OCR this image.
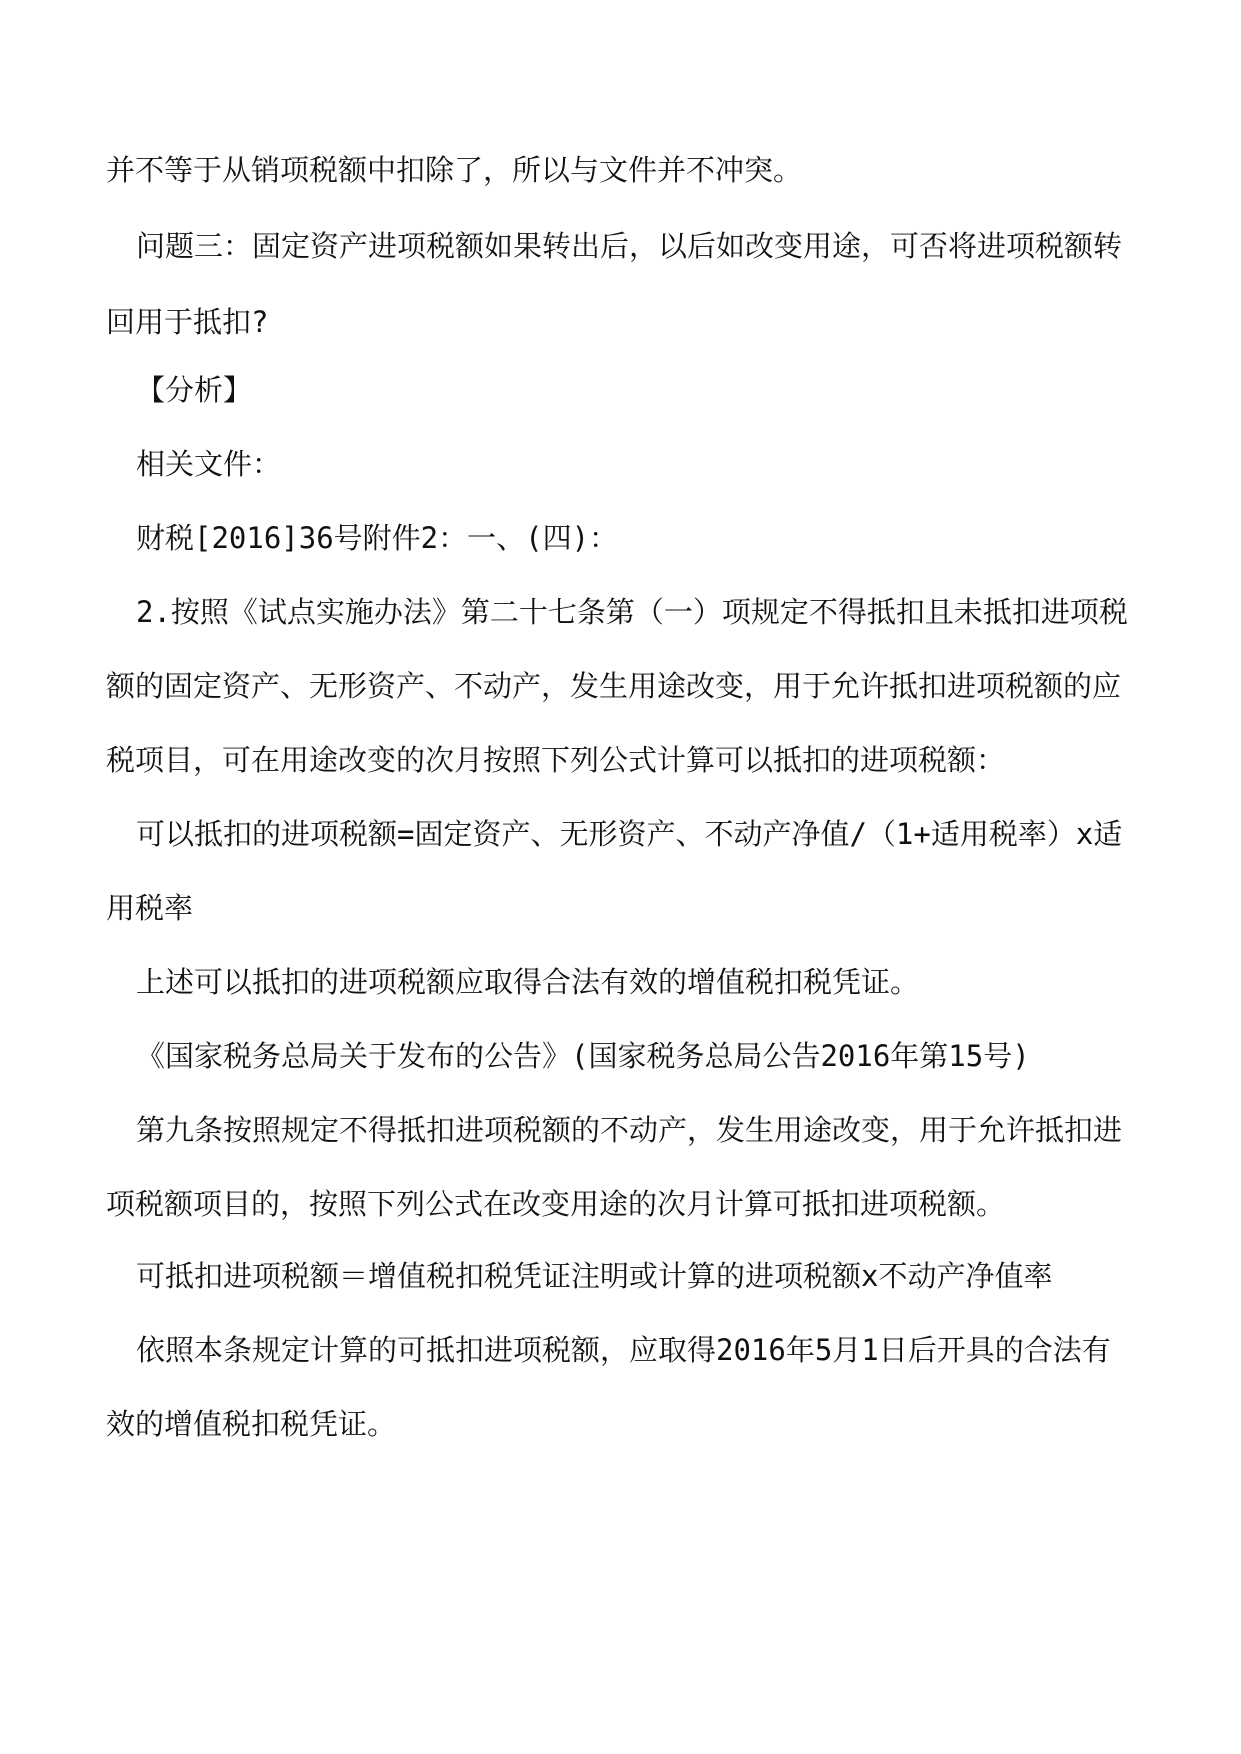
并不等于从销项税额中扣除了，所以与文件并不冲突。
问题三：固定资产进项税额如果转出后，以后如改变用途，可否将进项税额转
回用于抵扣?
【分析】
相关文件：
财税[2016]36号附件2：一、(四)：
2.按照《试点实施办法》第二十七条第（一）项规定不得抵扣且未抵扣进项税
额的固定资产、无形资产、不动产，发生用途改变，用于允许抵扣进项税额的应
税项目，可在用途改变的次月按照下列公式计算可以抵扣的进项税额：
可以抵扣的进项税额=固定资产、无形资产、不动产净值/（1+适用税率）x适
用税率
上述可以抵扣的进项税额应取得合法有效的增值税扣税凭证。
《国家税务总局关于发布的公告》(国家税务总局公告2016年第15号)
第九条按照规定不得抵扣进项税额的不动产，发生用途改变，用于允许抵扣进
项税额项目的，按照下列公式在改变用途的次月计算可抵扣进项税额。
可抵扣进项税额＝增值税扣税凭证注明或计算的进项税额x不动产净值率
依照本条规定计算的可抵扣进项税额，应取得2016年5月1日后开具的合法有
效的增值税扣税凭证。
